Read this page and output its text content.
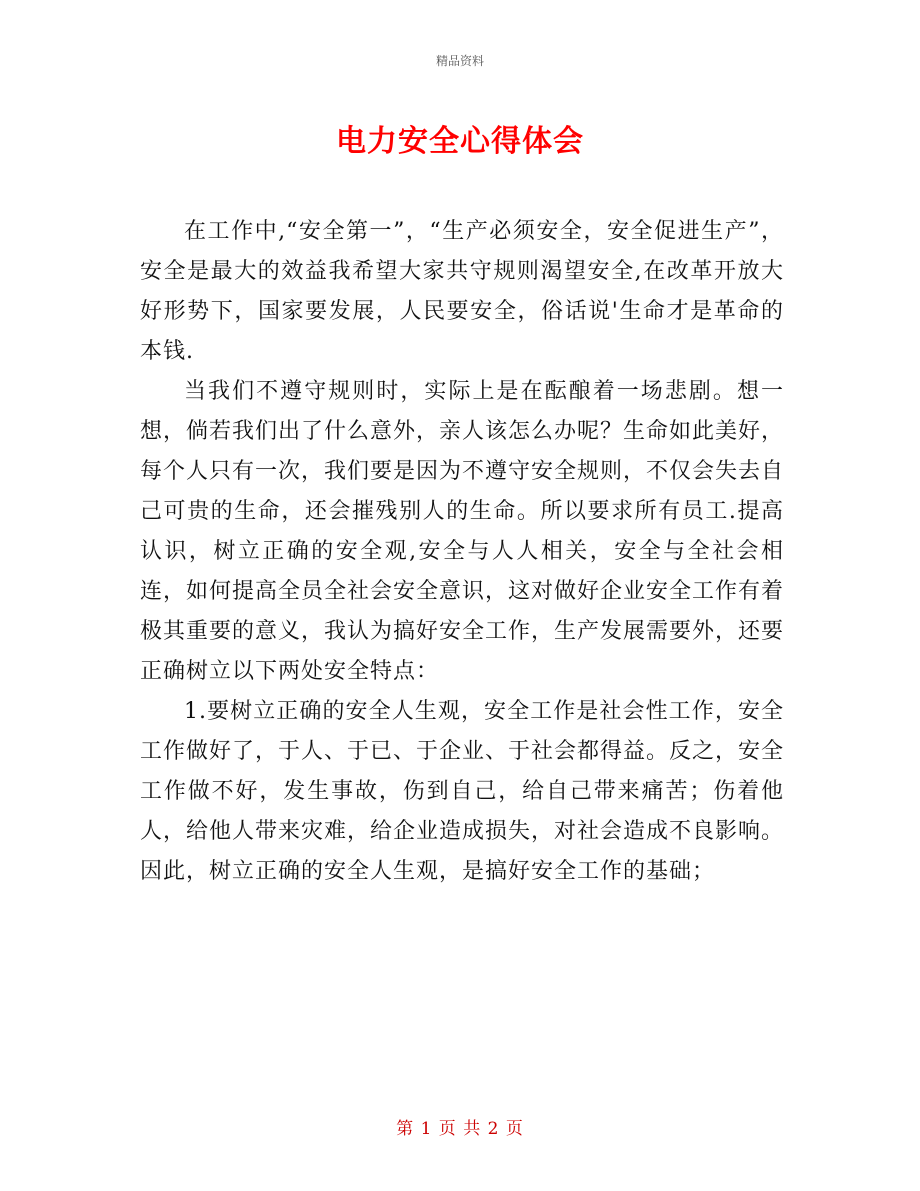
精品资料
电力安全心得体会

在工作中,“安全第一”，“生产必须安全，安全促进生产”，安全是最大的效益我希望大家共守规则渴望安全,在改革开放大好形势下，国家要发展，人民要安全，俗话说'生命才是革命的本钱.

当我们不遵守规则时，实际上是在酝酿着一场悲剧。想一想，倘若我们出了什么意外，亲人该怎么办呢？生命如此美好，每个人只有一次，我们要是因为不遵守安全规则，不仅会失去自己可贵的生命，还会摧残别人的生命。所以要求所有员工.提高认识，树立正确的安全观,安全与人人相关，安全与全社会相连，如何提高全员全社会安全意识，这对做好企业安全工作有着极其重要的意义，我认为搞好安全工作，生产发展需要外，还要正确树立以下两处安全特点：

1.要树立正确的安全人生观，安全工作是社会性工作，安全工作做好了，于人、于已、于企业、于社会都得益。反之，安全工作做不好，发生事故，伤到自己，给自己带来痛苦；伤着他人，给他人带来灾难，给企业造成损失，对社会造成不良影响。因此，树立正确的安全人生观，是搞好安全工作的基础；

第 1 页 共 2 页
